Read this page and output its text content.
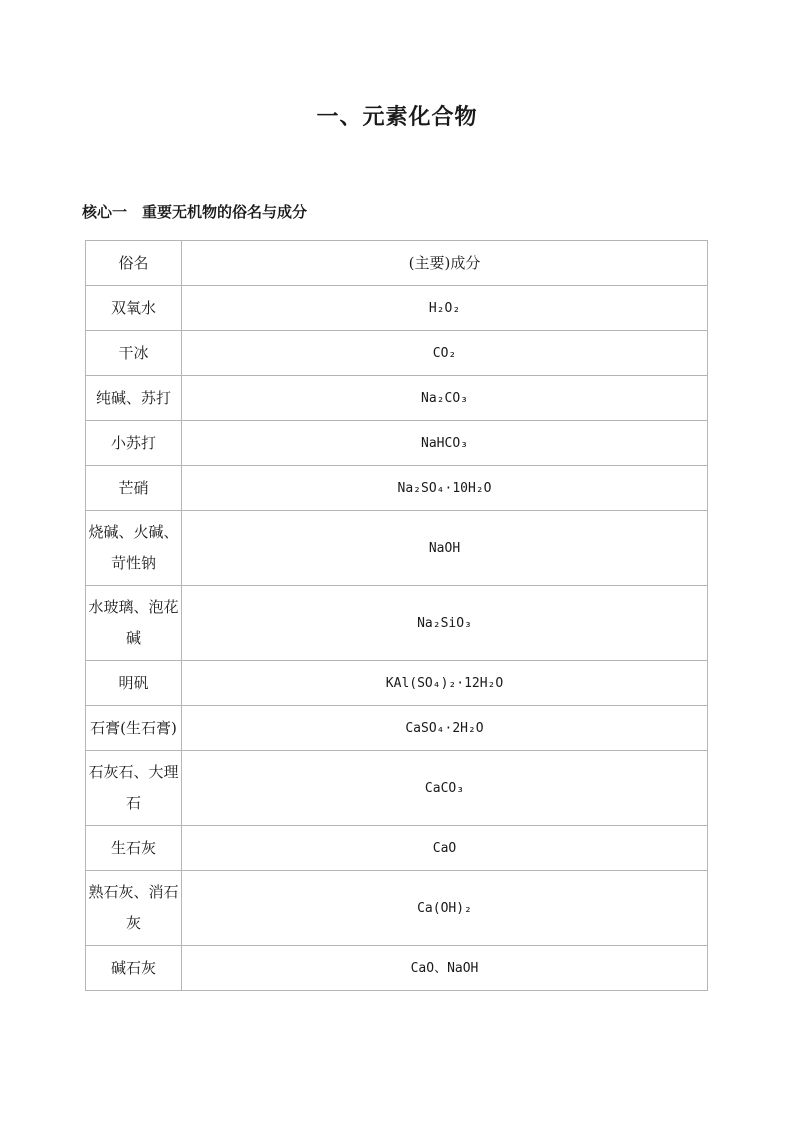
一、元素化合物
核心一　重要无机物的俗名与成分
俗名	(主要)成分
双氧水	H₂O₂
干冰	CO₂
纯碱、苏打	Na₂CO₃
小苏打	NaHCO₃
芒硝	Na₂SO₄·10H₂O
烧碱、火碱、苛性钠	NaOH
水玻璃、泡花碱	Na₂SiO₃
明矾	KAl(SO₄)₂·12H₂O
石膏(生石膏)	CaSO₄·2H₂O
石灰石、大理石	CaCO₃
生石灰	CaO
熟石灰、消石灰	Ca(OH)₂
碱石灰	CaO、NaOH
